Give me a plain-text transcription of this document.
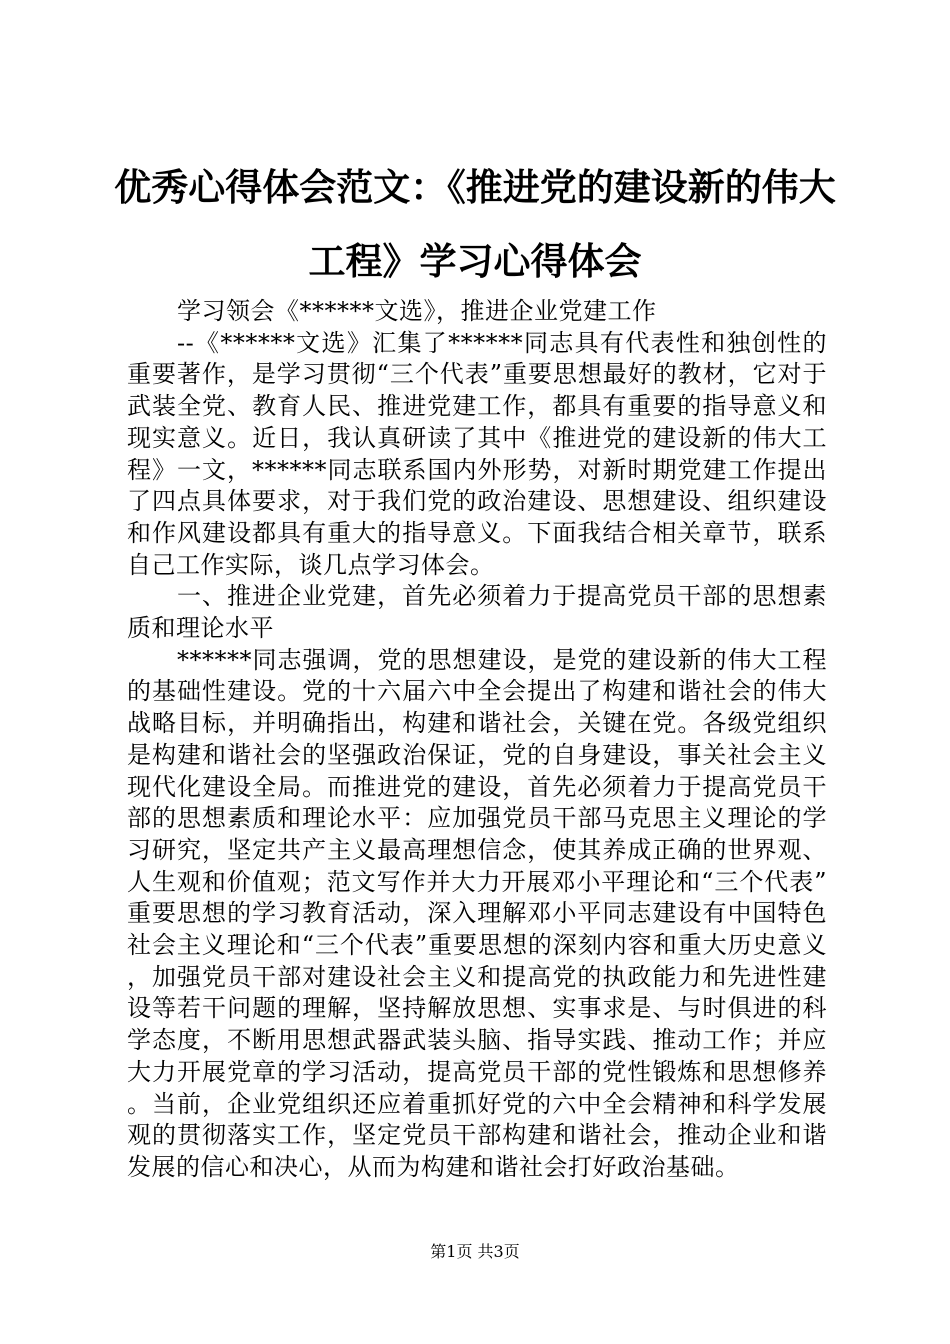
优秀心得体会范文：《推进党的建设新的伟大
工程》学习心得体会

学习领会《******文选》，推进企业党建工作

--《******文选》汇集了******同志具有代表性和独创性的重要著作，是学习贯彻“三个代表”重要思想最好的教材，它对于武装全党、教育人民、推进党建工作，都具有重要的指导意义和现实意义。近日，我认真研读了其中《推进党的建设新的伟大工程》一文，******同志联系国内外形势，对新时期党建工作提出了四点具体要求，对于我们党的政治建设、思想建设、组织建设和作风建设都具有重大的指导意义。下面我结合相关章节，联系自己工作实际，谈几点学习体会。

一、推进企业党建，首先必须着力于提高党员干部的思想素质和理论水平

******同志强调，党的思想建设，是党的建设新的伟大工程的基础性建设。党的十六届六中全会提出了构建和谐社会的伟大战略目标，并明确指出，构建和谐社会，关键在党。各级党组织是构建和谐社会的坚强政治保证，党的自身建设，事关社会主义现代化建设全局。而推进党的建设，首先必须着力于提高党员干部的思想素质和理论水平：应加强党员干部马克思主义理论的学习研究，坚定共产主义最高理想信念，使其养成正确的世界观、人生观和价值观；范文写作并大力开展邓小平理论和“三个代表”重要思想的学习教育活动，深入理解邓小平同志建设有中国特色社会主义理论和“三个代表”重要思想的深刻内容和重大历史意义，加强党员干部对建设社会主义和提高党的执政能力和先进性建设等若干问题的理解，坚持解放思想、实事求是、与时俱进的科学态度，不断用思想武器武装头脑、指导实践、推动工作；并应大力开展党章的学习活动，提高党员干部的党性锻炼和思想修养。当前，企业党组织还应着重抓好党的六中全会精神和科学发展观的贯彻落实工作，坚定党员干部构建和谐社会，推动企业和谐发展的信心和决心，从而为构建和谐社会打好政治基础。

第1页 共3页
